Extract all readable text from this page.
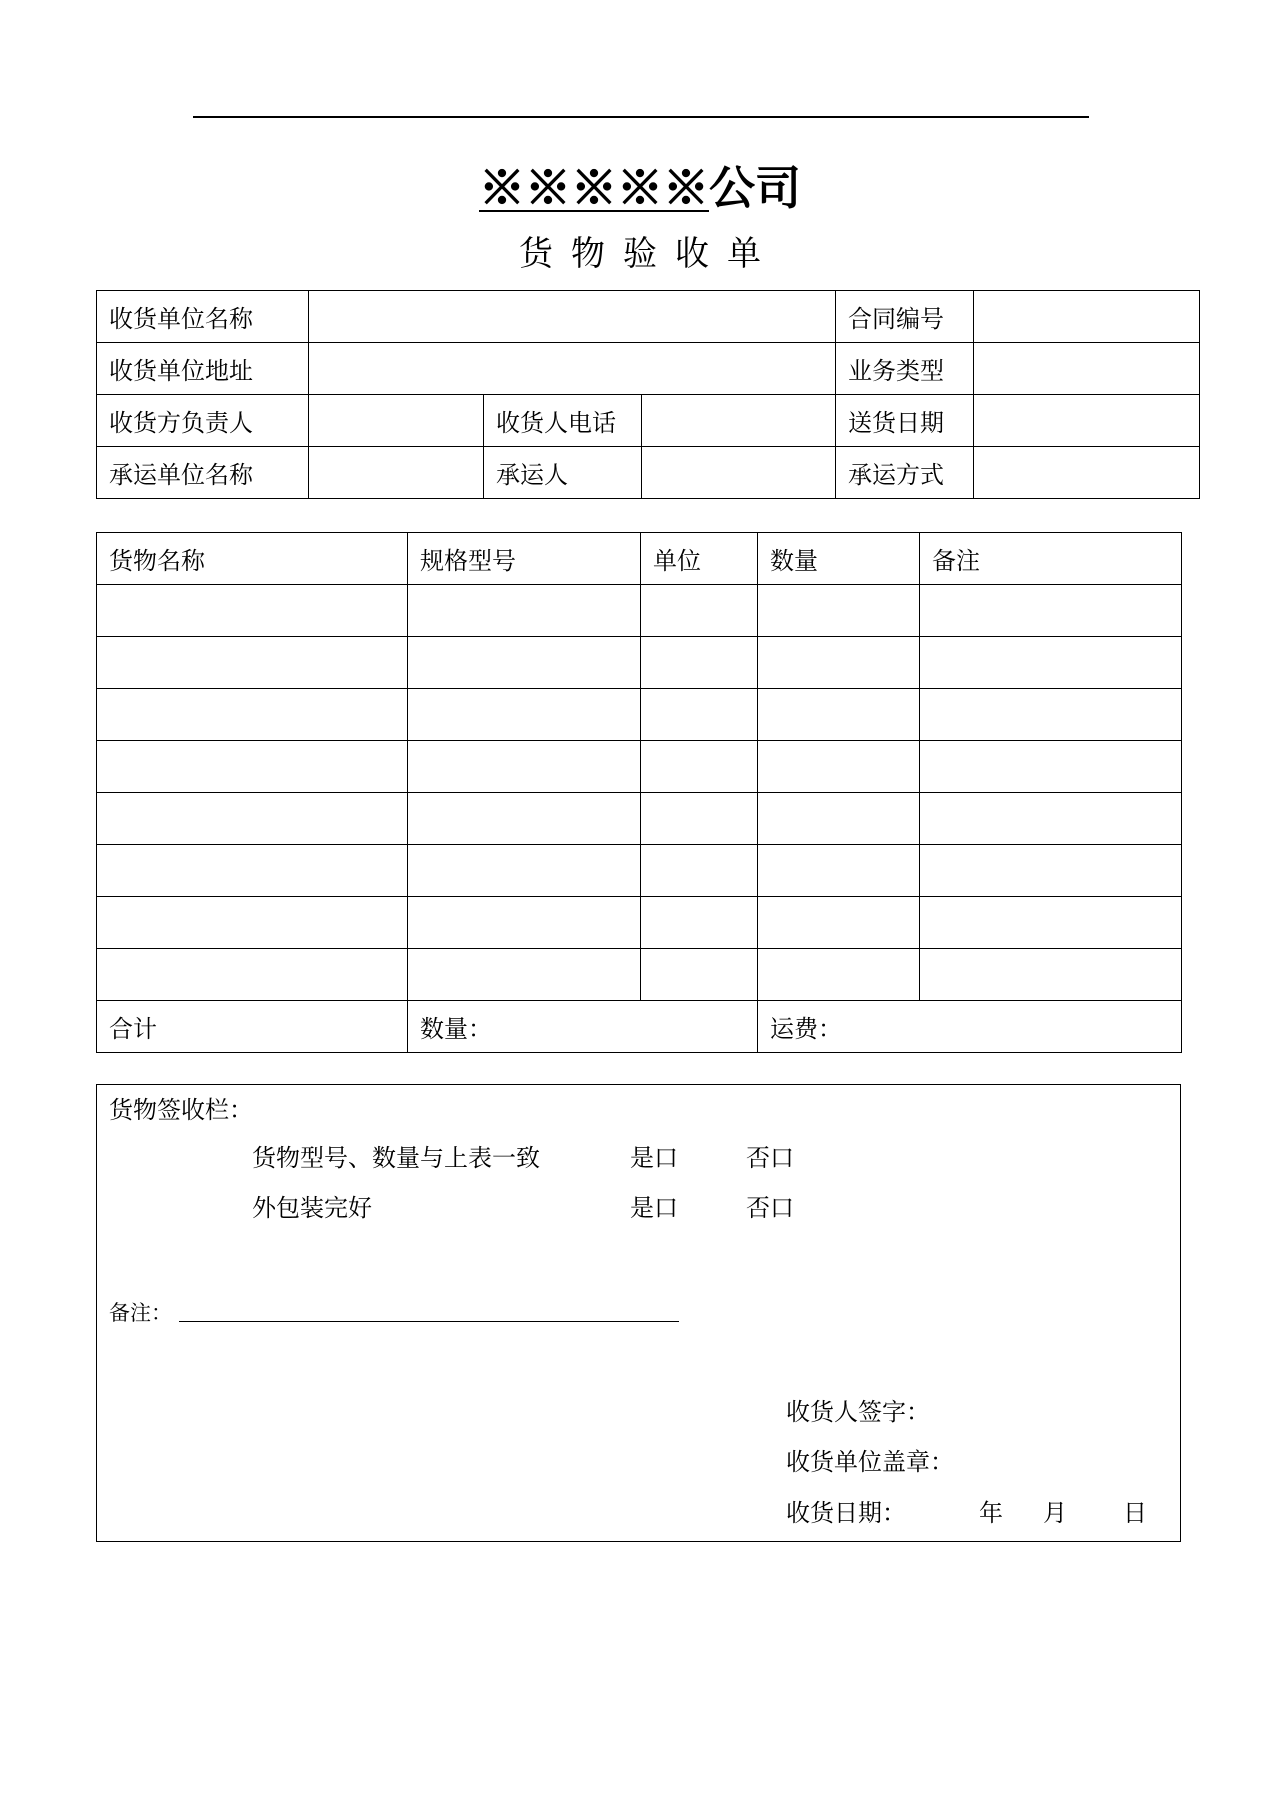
※※※※※公司
货物验收单
收货单位名称				合同编号	
收货单位地址				业务类型	
收货方负责人		收货人电话		送货日期	
承运单位名称		承运人		承运方式	
货物名称	规格型号	单位	数量	备注

合计	数量：		运费：	
货物签收栏：
货物型号、数量与上表一致	是口	否口
外包装完好	是口	否口
备注：
收货人签字：
收货单位盖章：
收货日期：	年 月 日
